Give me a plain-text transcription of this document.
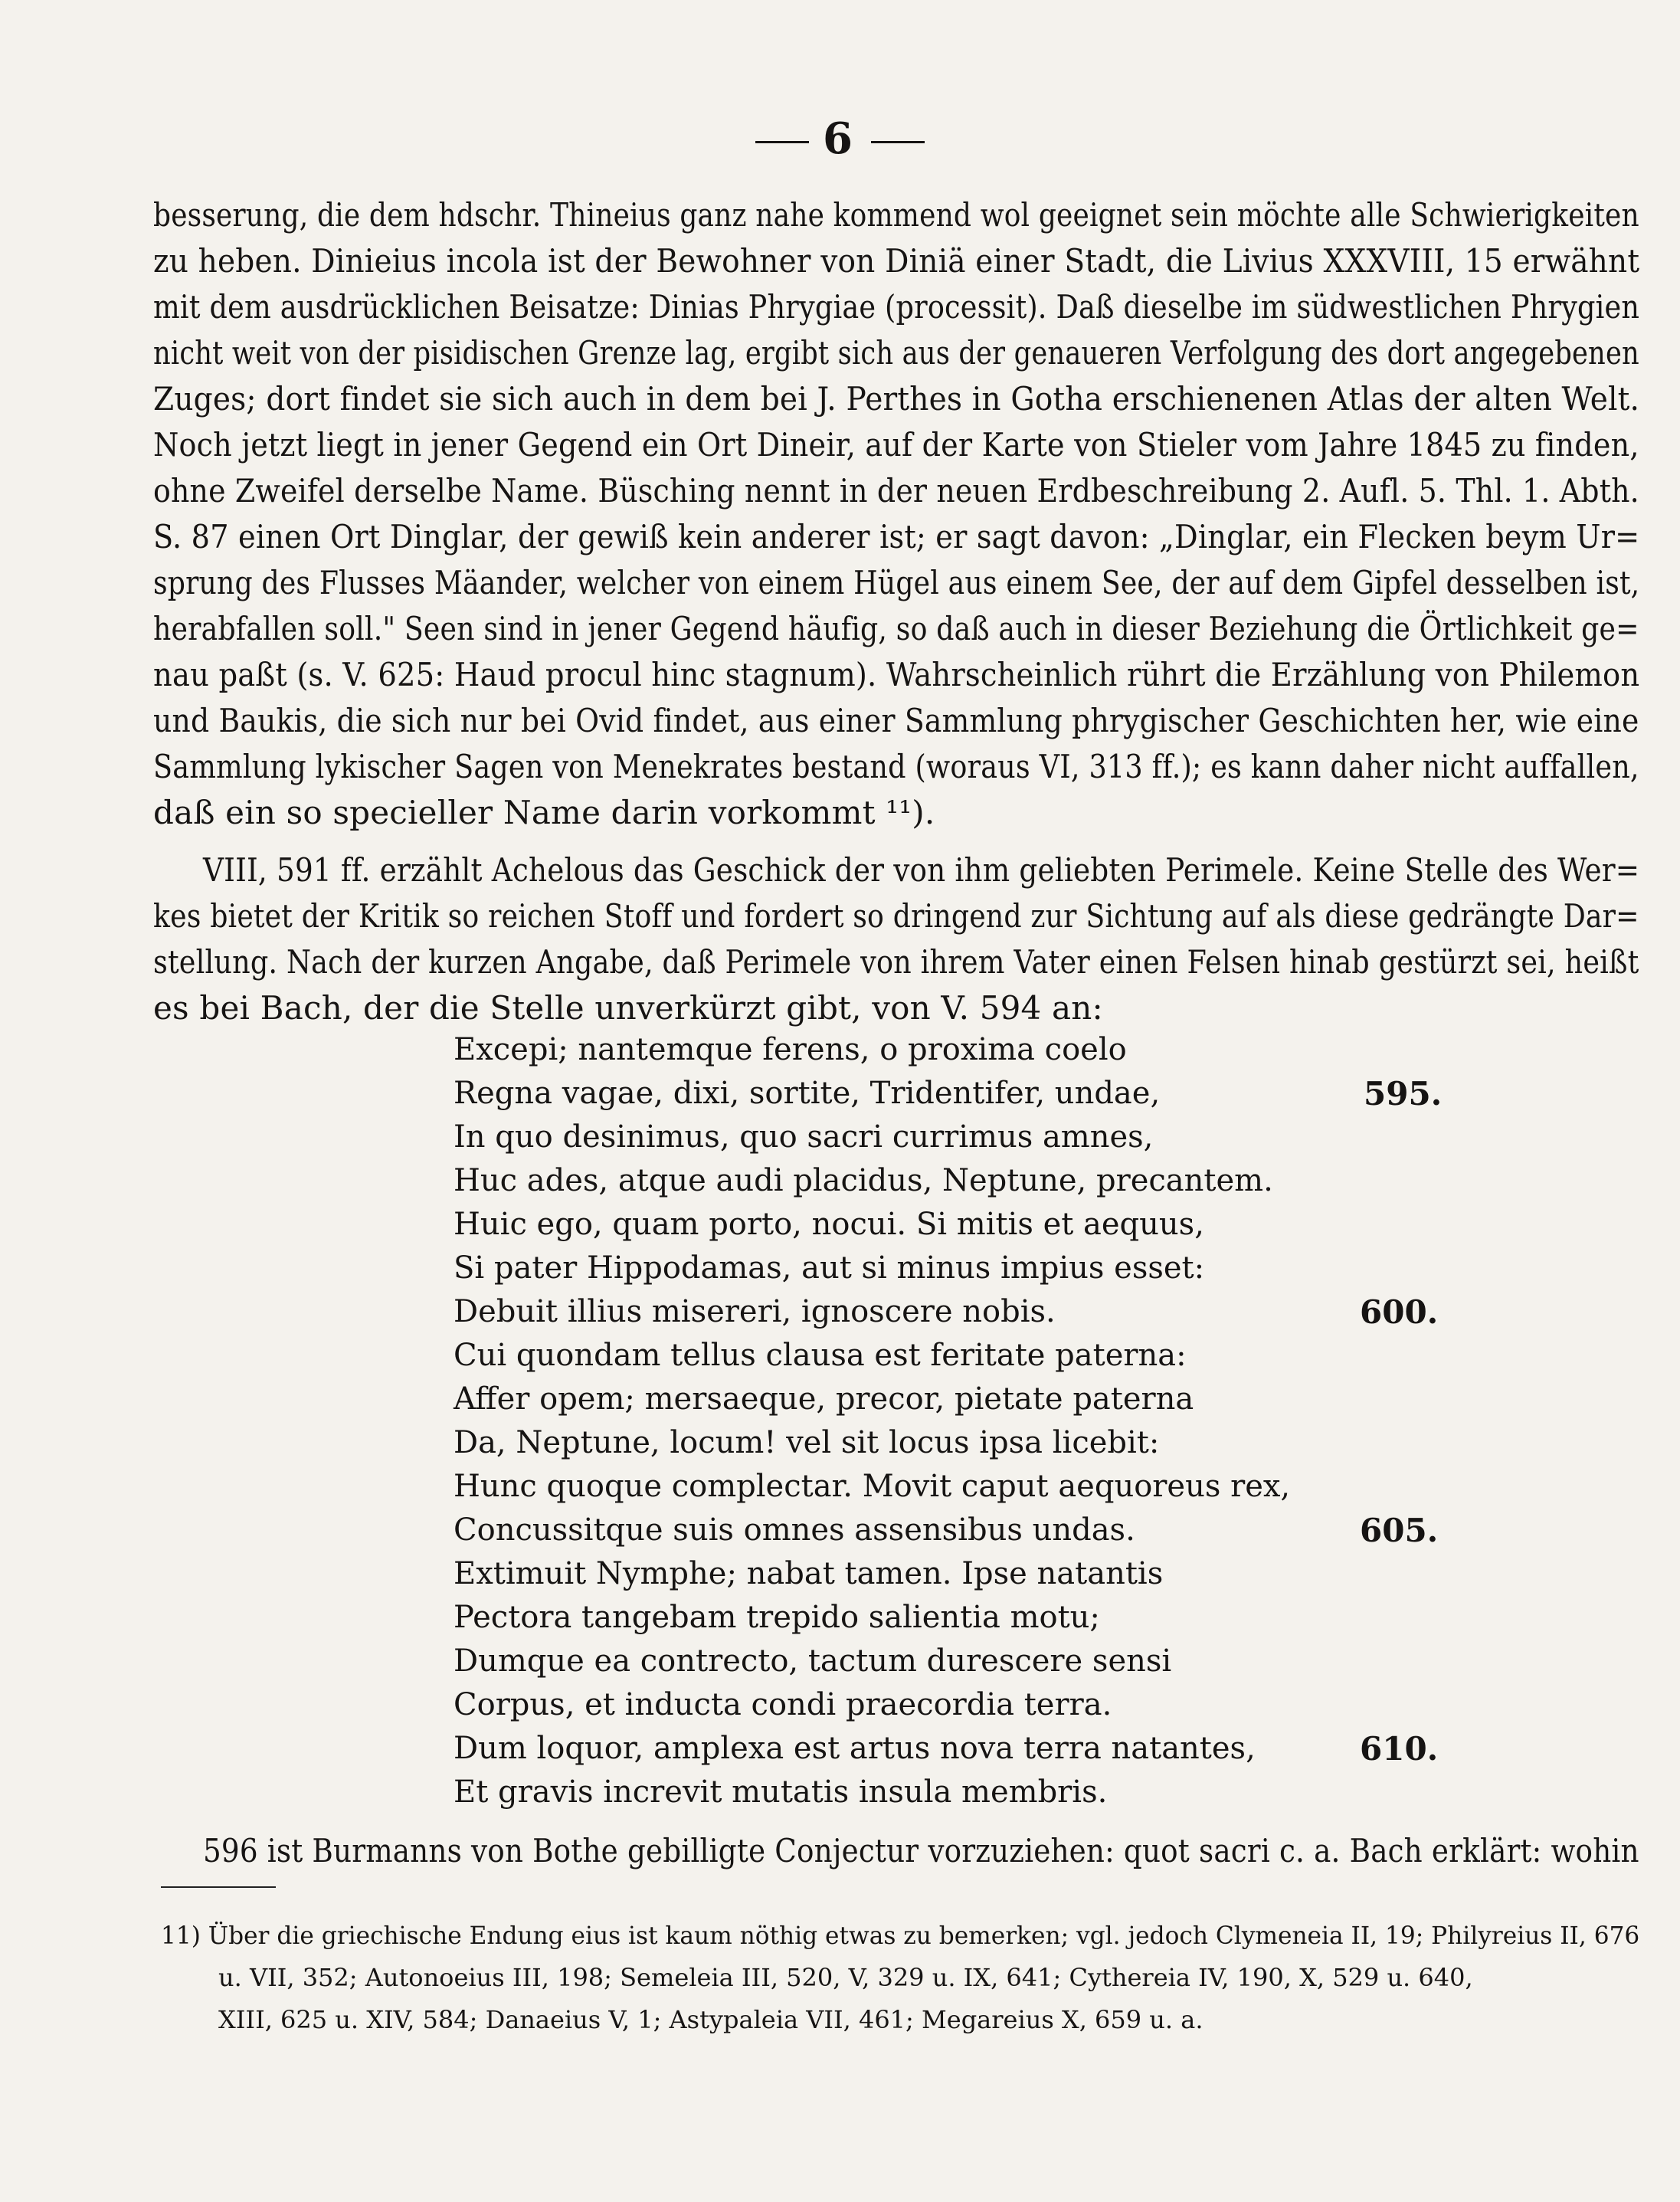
6
besserung, die dem hdschr. Thineius ganz nahe kommend wol geeignet sein möchte alle Schwierigkeiten
zu heben. Dinieius incola ist der Bewohner von Diniä einer Stadt, die Livius XXXVIII, 15 erwähnt
mit dem ausdrücklichen Beisatze: Dinias Phrygiae (processit). Daß dieselbe im südwestlichen Phrygien
nicht weit von der pisidischen Grenze lag, ergibt sich aus der genaueren Verfolgung des dort angegebenen
Zuges; dort findet sie sich auch in dem bei J. Perthes in Gotha erschienenen Atlas der alten Welt.
Noch jetzt liegt in jener Gegend ein Ort Dineir, auf der Karte von Stieler vom Jahre 1845 zu finden,
ohne Zweifel derselbe Name. Büsching nennt in der neuen Erdbeschreibung 2. Aufl. 5. Thl. 1. Abth.
S. 87 einen Ort Dinglar, der gewiß kein anderer ist; er sagt davon: „Dinglar, ein Flecken beym Ur=
sprung des Flusses Mäander, welcher von einem Hügel aus einem See, der auf dem Gipfel desselben ist,
herabfallen soll." Seen sind in jener Gegend häufig, so daß auch in dieser Beziehung die Örtlichkeit ge=
nau paßt (s. V. 625: Haud procul hinc stagnum). Wahrscheinlich rührt die Erzählung von Philemon
und Baukis, die sich nur bei Ovid findet, aus einer Sammlung phrygischer Geschichten her, wie eine
Sammlung lykischer Sagen von Menekrates bestand (woraus VI, 313 ff.); es kann daher nicht auffallen,
daß ein so specieller Name darin vorkommt ¹¹).
VIII, 591 ff. erzählt Achelous das Geschick der von ihm geliebten Perimele. Keine Stelle des Wer=
kes bietet der Kritik so reichen Stoff und fordert so dringend zur Sichtung auf als diese gedrängte Dar=
stellung. Nach der kurzen Angabe, daß Perimele von ihrem Vater einen Felsen hinab gestürzt sei, heißt
es bei Bach, der die Stelle unverkürzt gibt, von V. 594 an:
Excepi; nantemque ferens, o proxima coelo
Regna vagae, dixi, sortite, Tridentifer, undae,	595.
In quo desinimus, quo sacri currimus amnes,
Huc ades, atque audi placidus, Neptune, precantem.
Huic ego, quam porto, nocui. Si mitis et aequus,
Si pater Hippodamas, aut si minus impius esset:
Debuit illius misereri, ignoscere nobis.	600.
Cui quondam tellus clausa est feritate paterna:
Affer opem; mersaeque, precor, pietate paterna
Da, Neptune, locum! vel sit locus ipsa licebit:
Hunc quoque complectar. Movit caput aequoreus rex,
Concussitque suis omnes assensibus undas.	605.
Extimuit Nymphe; nabat tamen. Ipse natantis
Pectora tangebam trepido salientia motu;
Dumque ea contrecto, tactum durescere sensi
Corpus, et inducta condi praecordia terra.
Dum loquor, amplexa est artus nova terra natantes,	610.
Et gravis increvit mutatis insula membris.
596 ist Burmanns von Bothe gebilligte Conjectur vorzuziehen: quot sacri c. a. Bach erklärt: wohin
11) Über die griechische Endung eius ist kaum nöthig etwas zu bemerken; vgl. jedoch Clymeneia II, 19; Philyreius II, 676
u. VII, 352; Autonoeius III, 198; Semeleia III, 520, V, 329 u. IX, 641; Cythereia IV, 190, X, 529 u. 640,
XIII, 625 u. XIV, 584; Danaeius V, 1; Astypaleia VII, 461; Megareius X, 659 u. a.
